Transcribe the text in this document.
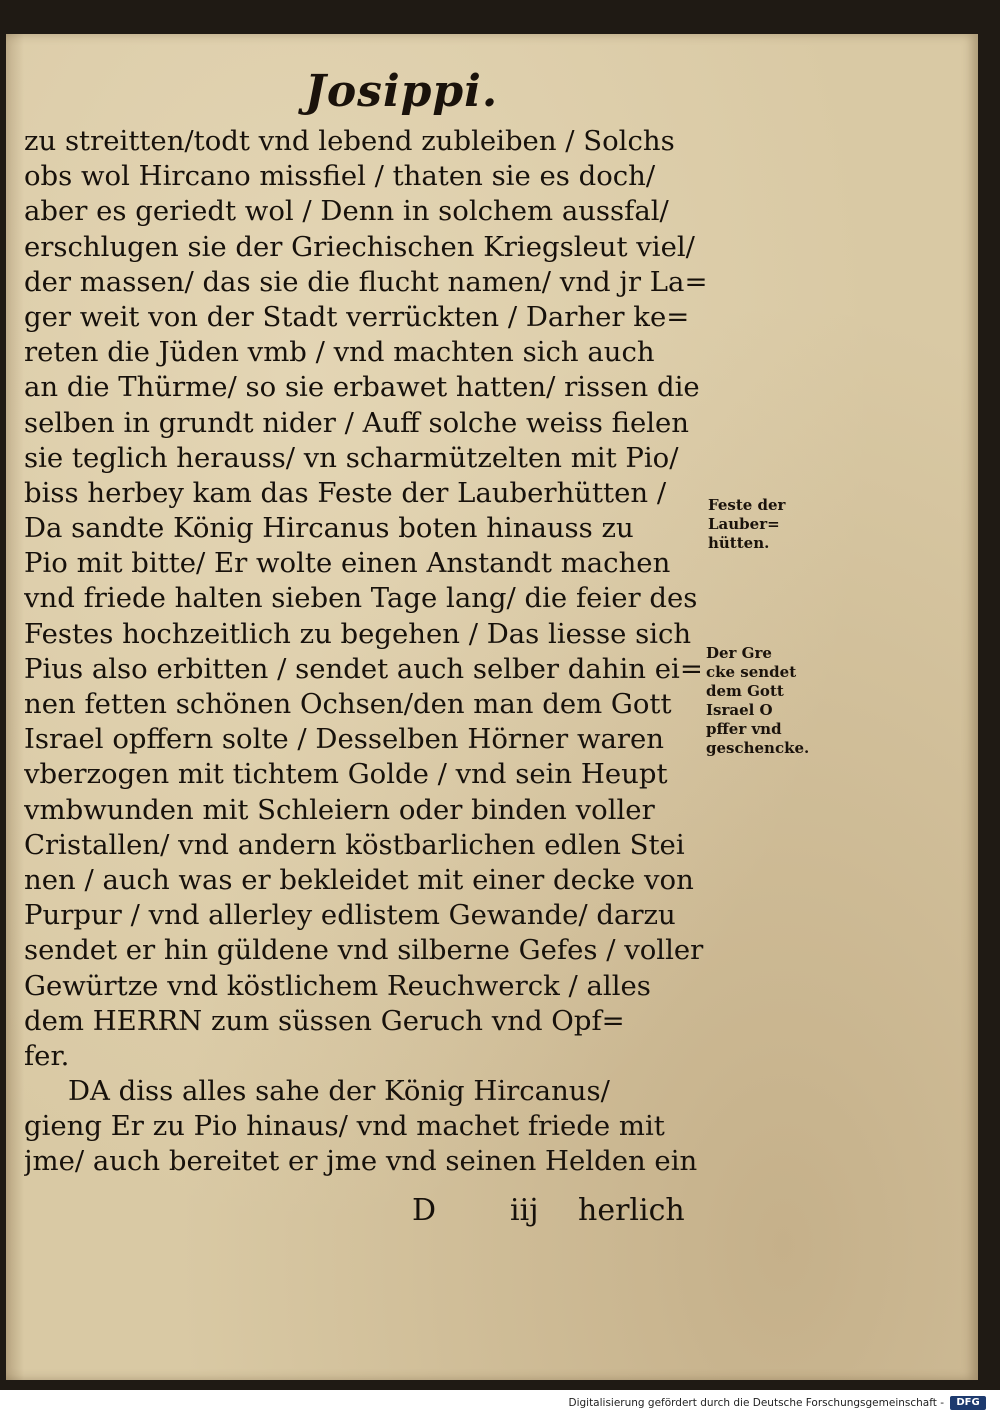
Josippi.
zu streitten/todt vnd lebend zubleiben / Solchs
obs wol Hircano missfiel / thaten sie es doch/
aber es geriedt wol / Denn in solchem aussfal/
erschlugen sie der Griechischen Kriegsleut viel/
der massen/ das sie die flucht namen/ vnd jr La=
ger weit von der Stadt verrückten / Darher ke=
reten die Jüden vmb / vnd machten sich auch
an die Thürme/ so sie erbawet hatten/ rissen die
selben in grundt nider / Auff solche weiss fielen
sie teglich herauss/ vn scharmützelten mit Pio/
biss herbey kam das Feste der Lauberhütten /
Da sandte König Hircanus boten hinauss zu
Pio mit bitte/ Er wolte einen Anstandt machen
vnd friede halten sieben Tage lang/ die feier des
Festes hochzeitlich zu begehen / Das liesse sich
Pius also erbitten / sendet auch selber dahin ei=
nen fetten schönen Ochsen/den man dem Gott
Israel opffern solte / Desselben Hörner waren
vberzogen mit tichtem Golde / vnd sein Heupt
vmbwunden mit Schleiern oder binden voller
Cristallen/ vnd andern köstbarlichen edlen Stei
nen / auch was er bekleidet mit einer decke von
Purpur / vnd allerley edlistem Gewande/ darzu
sendet er hin güldene vnd silberne Gefes / voller
Gewürtze vnd köstlichem Reuchwerck / alles
dem HERRN zum süssen Geruch vnd Opf=
fer.
DA diss alles sahe der König Hircanus/
gieng Er zu Pio hinaus/ vnd machet friede mit
jme/ auch bereitet er jme vnd seinen Helden ein
Feste der
Lauber=
hütten.
Der Gre
cke sendet
dem Gott
Israel O
pffer vnd
geschencke.
D iij herlich
Digitalisierung gefördert durch die Deutsche Forschungsgemeinschaft -	DFG
